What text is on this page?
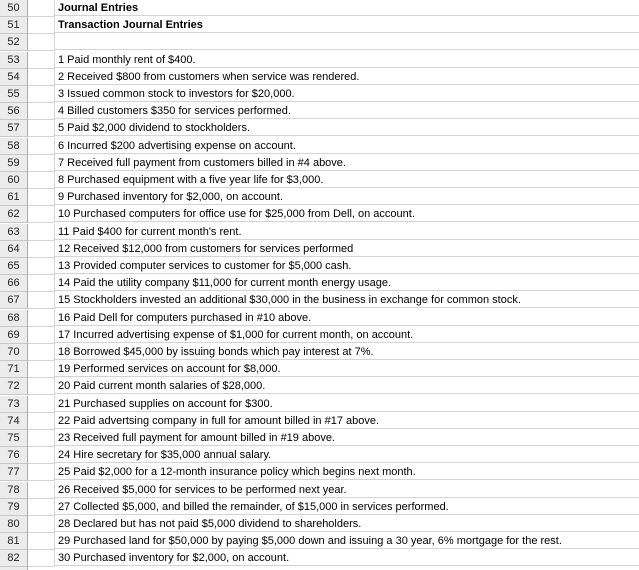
50	Journal Entries
51	Transaction Journal Entries
52
53	1 Paid monthly rent of $400.
54	2 Received $800 from customers when service was rendered.
55	3 Issued common stock to investors for $20,000.
56	4 Billed customers $350 for services performed.
57	5 Paid $2,000 dividend to stockholders.
58	6 Incurred $200 advertising expense on account.
59	7 Received full payment from customers billed in #4 above.
60	8 Purchased equipment with a five year life for $3,000.
61	9 Purchased inventory for $2,000, on account.
62	10 Purchased computers for office use for $25,000 from Dell, on account.
63	11 Paid $400 for current month's rent.
64	12 Received $12,000 from customers for services performed
65	13 Provided computer services to customer for $5,000 cash.
66	14 Paid the utility company $11,000 for current month energy usage.
67	15 Stockholders invested an additional $30,000 in the business in exchange for common stock.
68	16 Paid Dell for computers purchased in #10 above.
69	17 Incurred advertising expense of $1,000 for current month, on account.
70	18 Borrowed $45,000 by issuing bonds which pay interest at 7%.
71	19 Performed services on account for $8,000.
72	20 Paid current month salaries of $28,000.
73	21 Purchased supplies on account for $300.
74	22 Paid advertsing company in full for amount billed in #17 above.
75	23 Received full payment for amount billed in #19 above.
76	24 Hire secretary for $35,000 annual salary.
77	25 Paid $2,000 for a 12-month insurance policy which begins next month.
78	26 Received $5,000 for services to be performed next year.
79	27 Collected $5,000, and billed the remainder, of $15,000 in services performed.
80	28 Declared but has not paid $5,000 dividend to shareholders.
81	29 Purchased land for $50,000 by paying $5,000 down and issuing a 30 year, 6% mortgage for the rest.
82	30 Purchased inventory for $2,000, on account.
